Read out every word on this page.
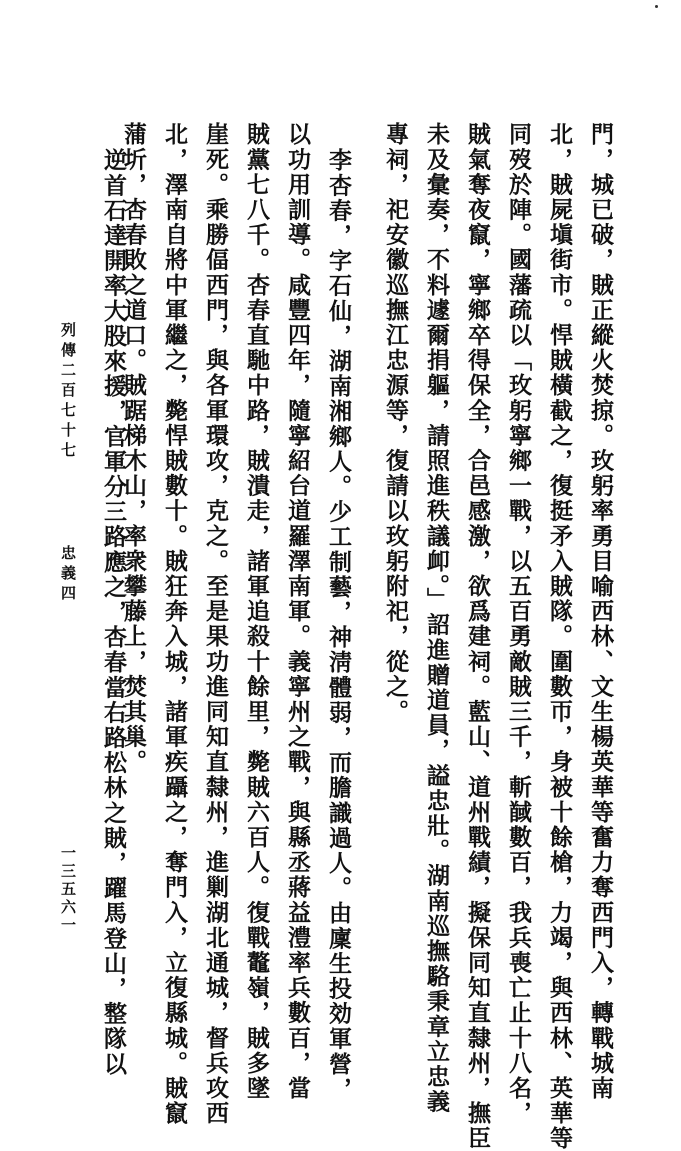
門，城已破，賊正縱火焚掠。玫躬率勇目喻西林、文生楊英華等奮力奪西門入，轉戰城南
北，賊屍塡街市。悍賊橫截之，復挺矛入賊隊。圍數帀，身被十餘槍，力竭，與西林、英華等
同歿於陣。國藩疏以「玫躬寧鄉一戰，以五百勇敵賊三千，斬馘數百，我兵喪亡止十八名，
賊氣奪夜竄，寧鄉卒得保全，合邑感激，欲爲建祠。藍山、道州戰績，擬保同知直隸州，撫臣
未及彙奏，不料遽爾捐軀，請照進秩議卹。」詔進贈道員，謚忠壯。湖南巡撫駱秉章立忠義
專祠，祀安徽巡撫江忠源等，復請以玫躬附祀，從之。
李杏春，字石仙，湖南湘鄉人。少工制藝，神淸體弱，而膽識過人。由廩生投効軍營，
以功用訓導。咸豐四年，隨寧紹台道羅澤南軍。義寧州之戰，與縣丞蔣益澧率兵數百，當
賊黨七八千。杏春直馳中路，賊潰走，諸軍追殺十餘里，斃賊六百人。復戰鼇嶺，賊多墜
崖死。乘勝偪西門，與各軍環攻，克之。至是果功進同知直隸州，進剿湖北通城，督兵攻西
北，澤南自將中軍繼之，斃悍賊數十。賊狂奔入城，諸軍疾躡之，奪門入，立復縣城。賊竄
蒲圻，杏春敗之道口。賊踞梯木山，率衆攀藤上，焚其巢。
逆首石達開率大股來援，官軍分三路應之，杏春當右路松林之賊，躍馬登山，整隊以
列傳二百七十七
忠義四
一三五六一
